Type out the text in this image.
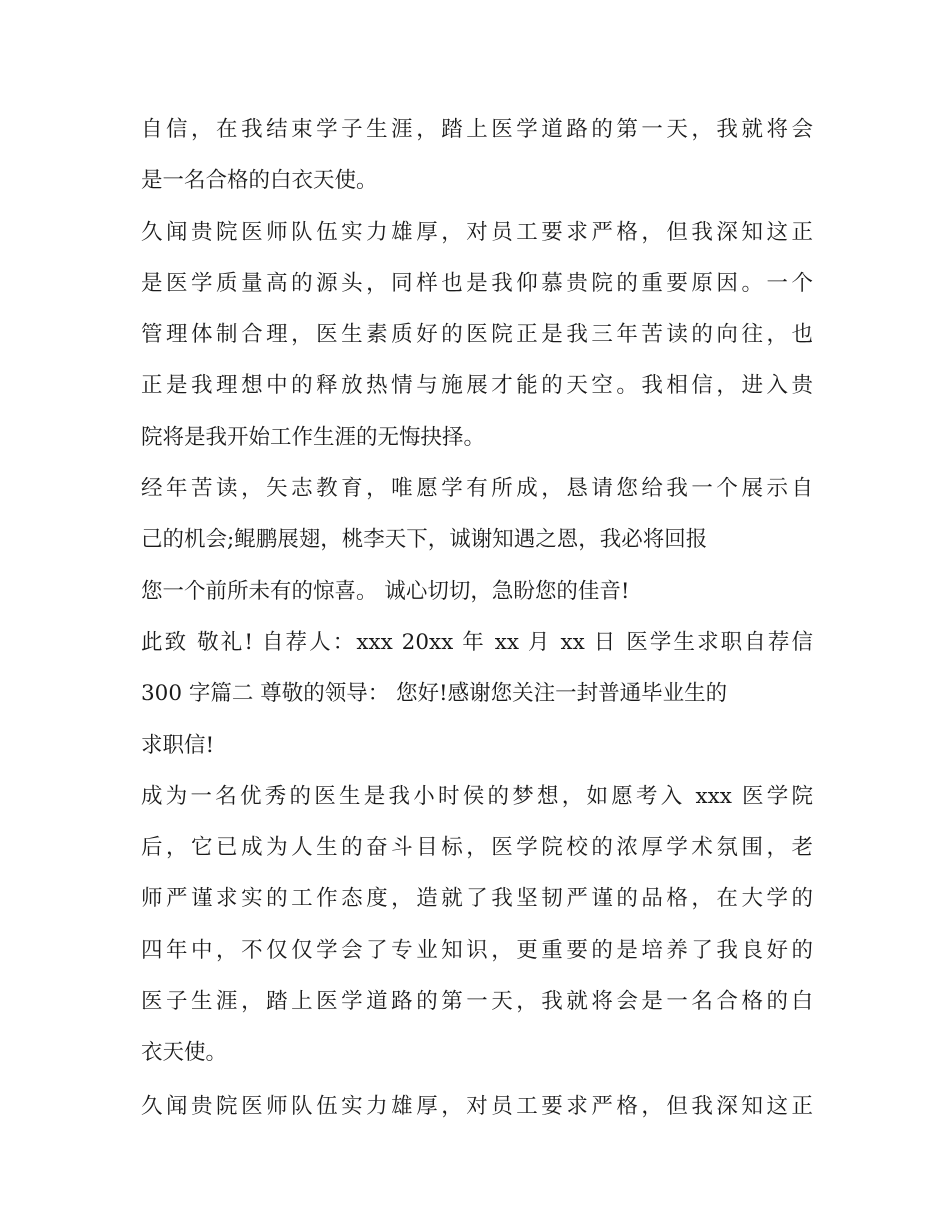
自信，在我结束学子生涯，踏上医学道路的第一天，我就将会
是一名合格的白衣天使。
久闻贵院医师队伍实力雄厚，对员工要求严格，但我深知这正
是医学质量高的源头，同样也是我仰慕贵院的重要原因。一个
管理体制合理，医生素质好的医院正是我三年苦读的向往，也
正是我理想中的释放热情与施展才能的天空。我相信，进入贵
院将是我开始工作生涯的无悔抉择。
经年苦读，矢志教育，唯愿学有所成，恳请您给我一个展示自
己的机会;鲲鹏展翅，桃李天下，诚谢知遇之恩，我必将回报
您一个前所未有的惊喜。 诚心切切，急盼您的佳音!
此致 敬礼! 自荐人：xxx 20xx 年 xx 月 xx 日 医学生求职自荐信
300 字篇二 尊敬的领导： 您好!感谢您关注一封普通毕业生的
求职信!
成为一名优秀的医生是我小时侯的梦想，如愿考入 xxx 医学院
后，它已成为人生的奋斗目标，医学院校的浓厚学术氛围，老
师严谨求实的工作态度，造就了我坚韧严谨的品格，在大学的
四年中，不仅仅学会了专业知识，更重要的是培养了我良好的
医子生涯，踏上医学道路的第一天，我就将会是一名合格的白
衣天使。
久闻贵院医师队伍实力雄厚，对员工要求严格，但我深知这正
